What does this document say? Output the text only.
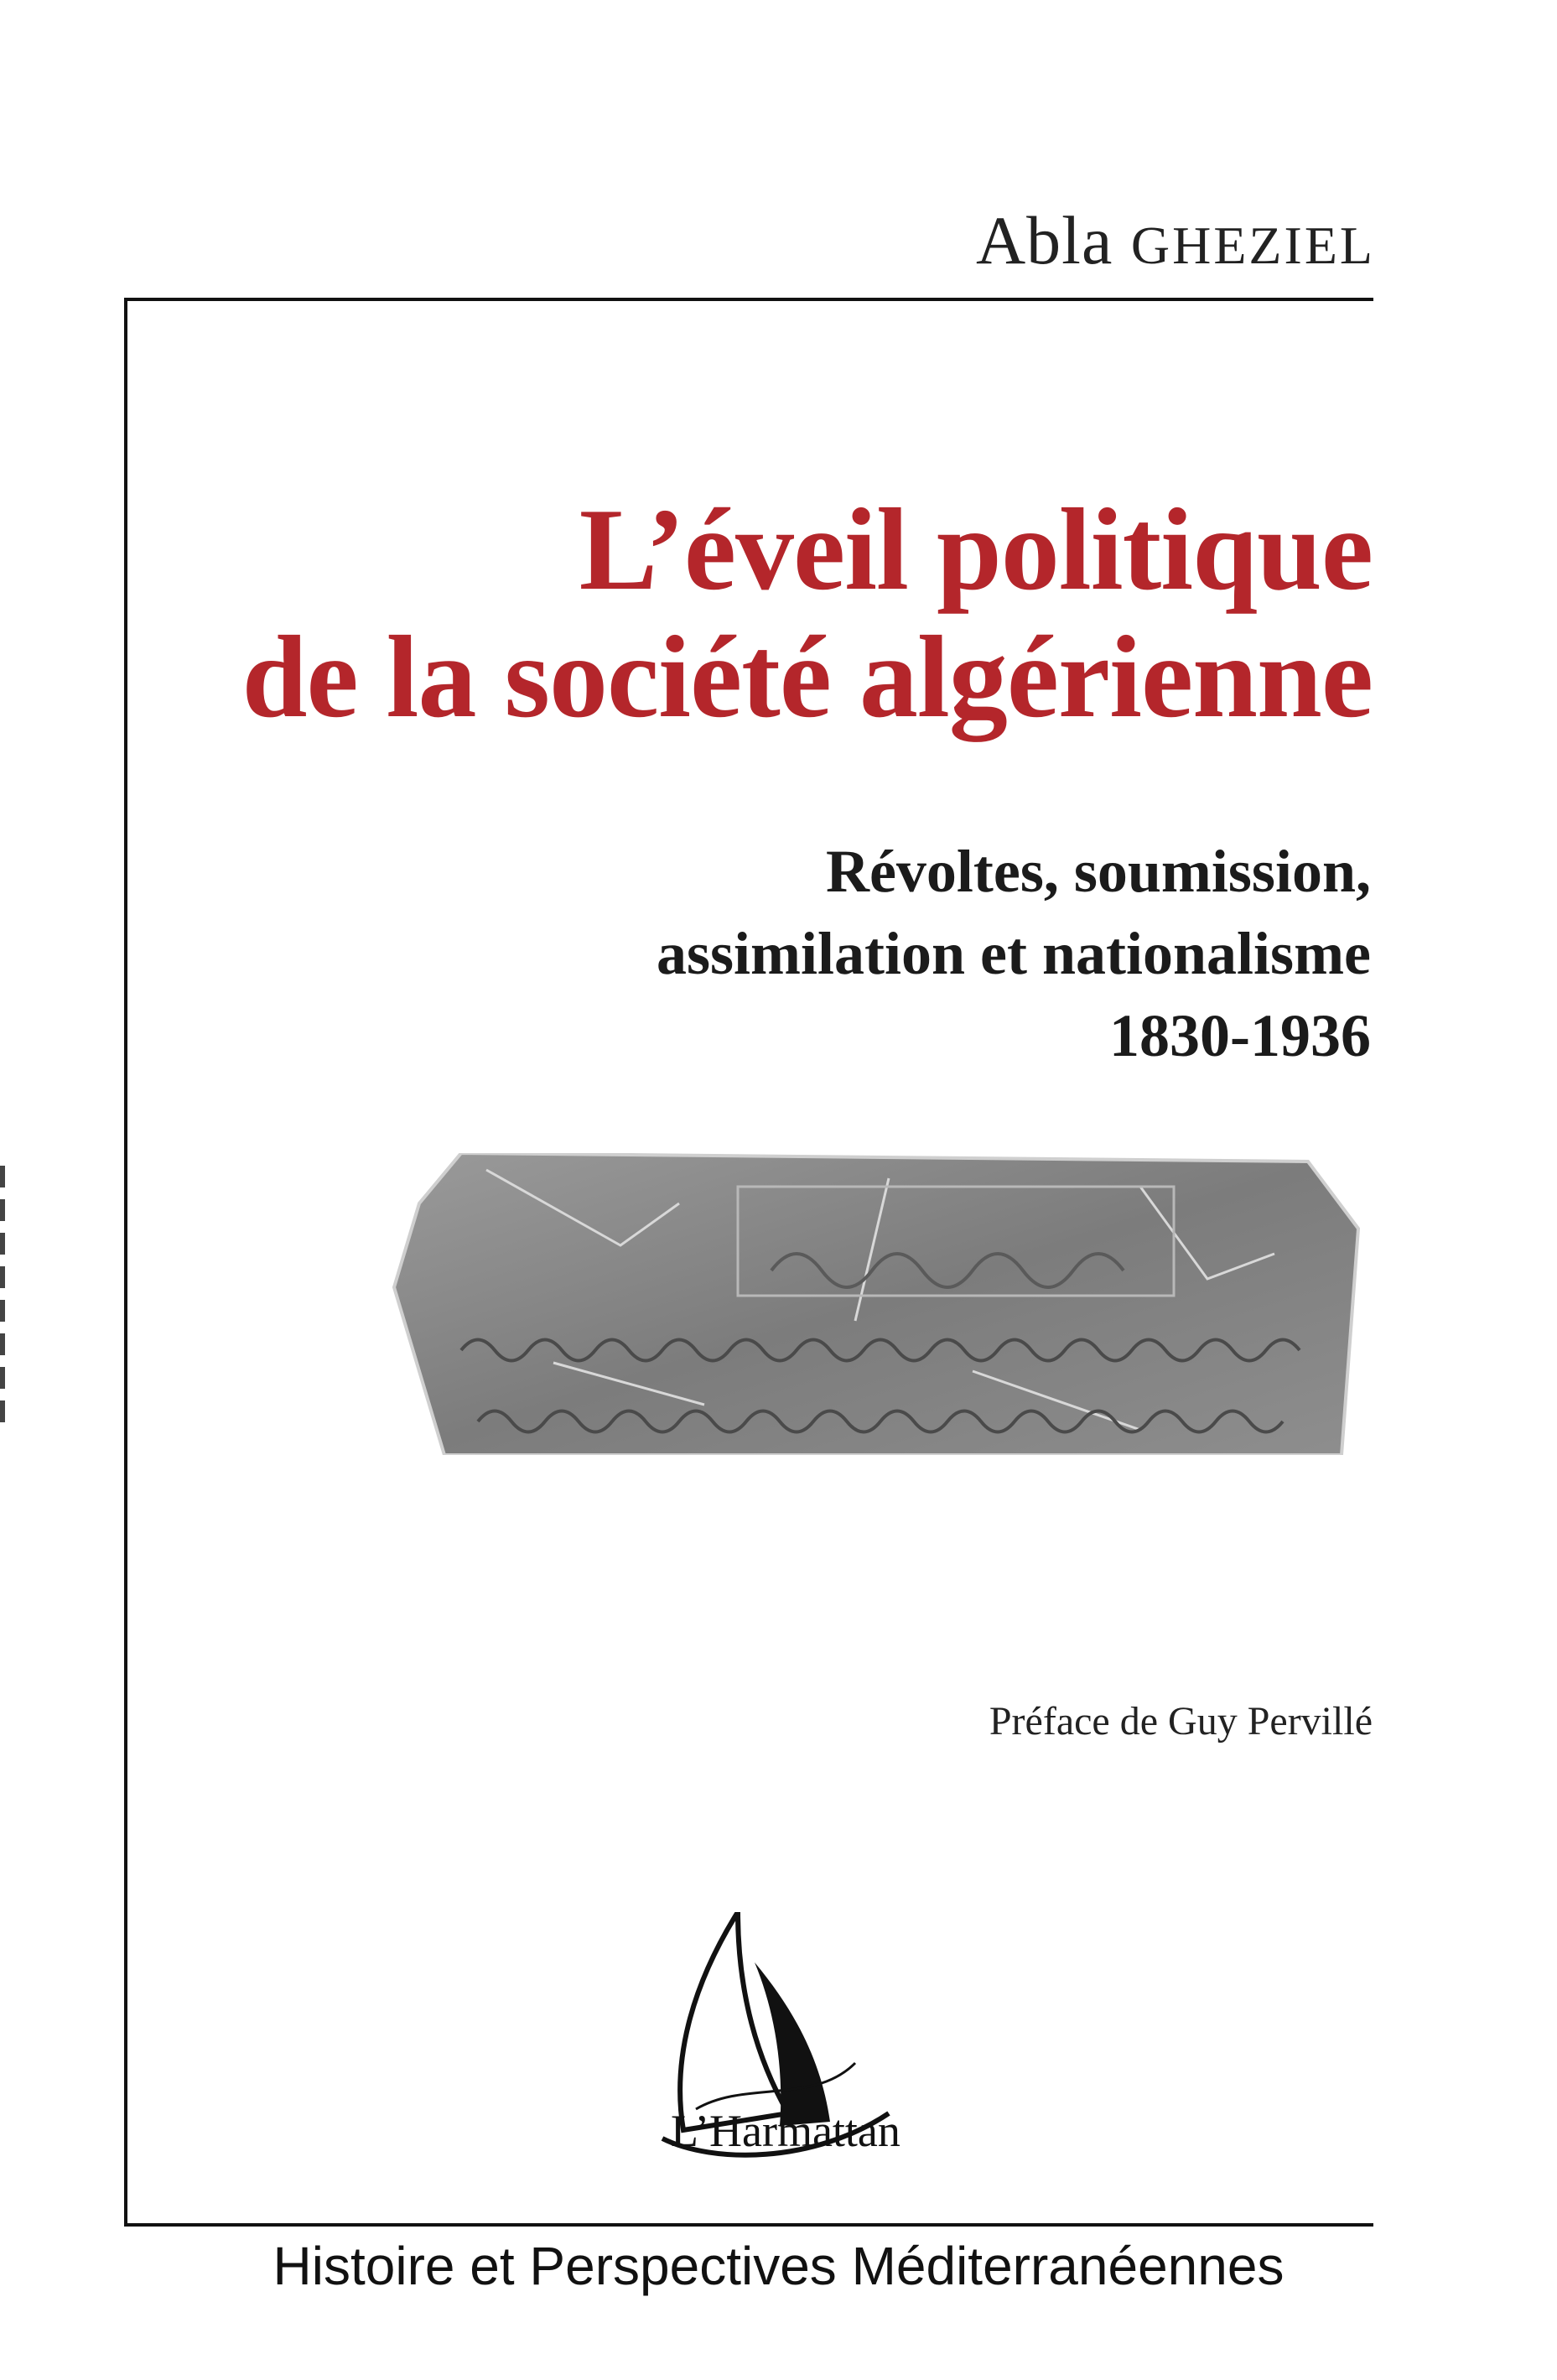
Abla GHEZIEL

L’éveil politique
de la société algérienne
Révoltes, soumission,
assimilation et nationalisme
1830-1936

Préface de Guy Pervillé

L’Harmattan

Histoire et Perspectives Méditerranéennes
